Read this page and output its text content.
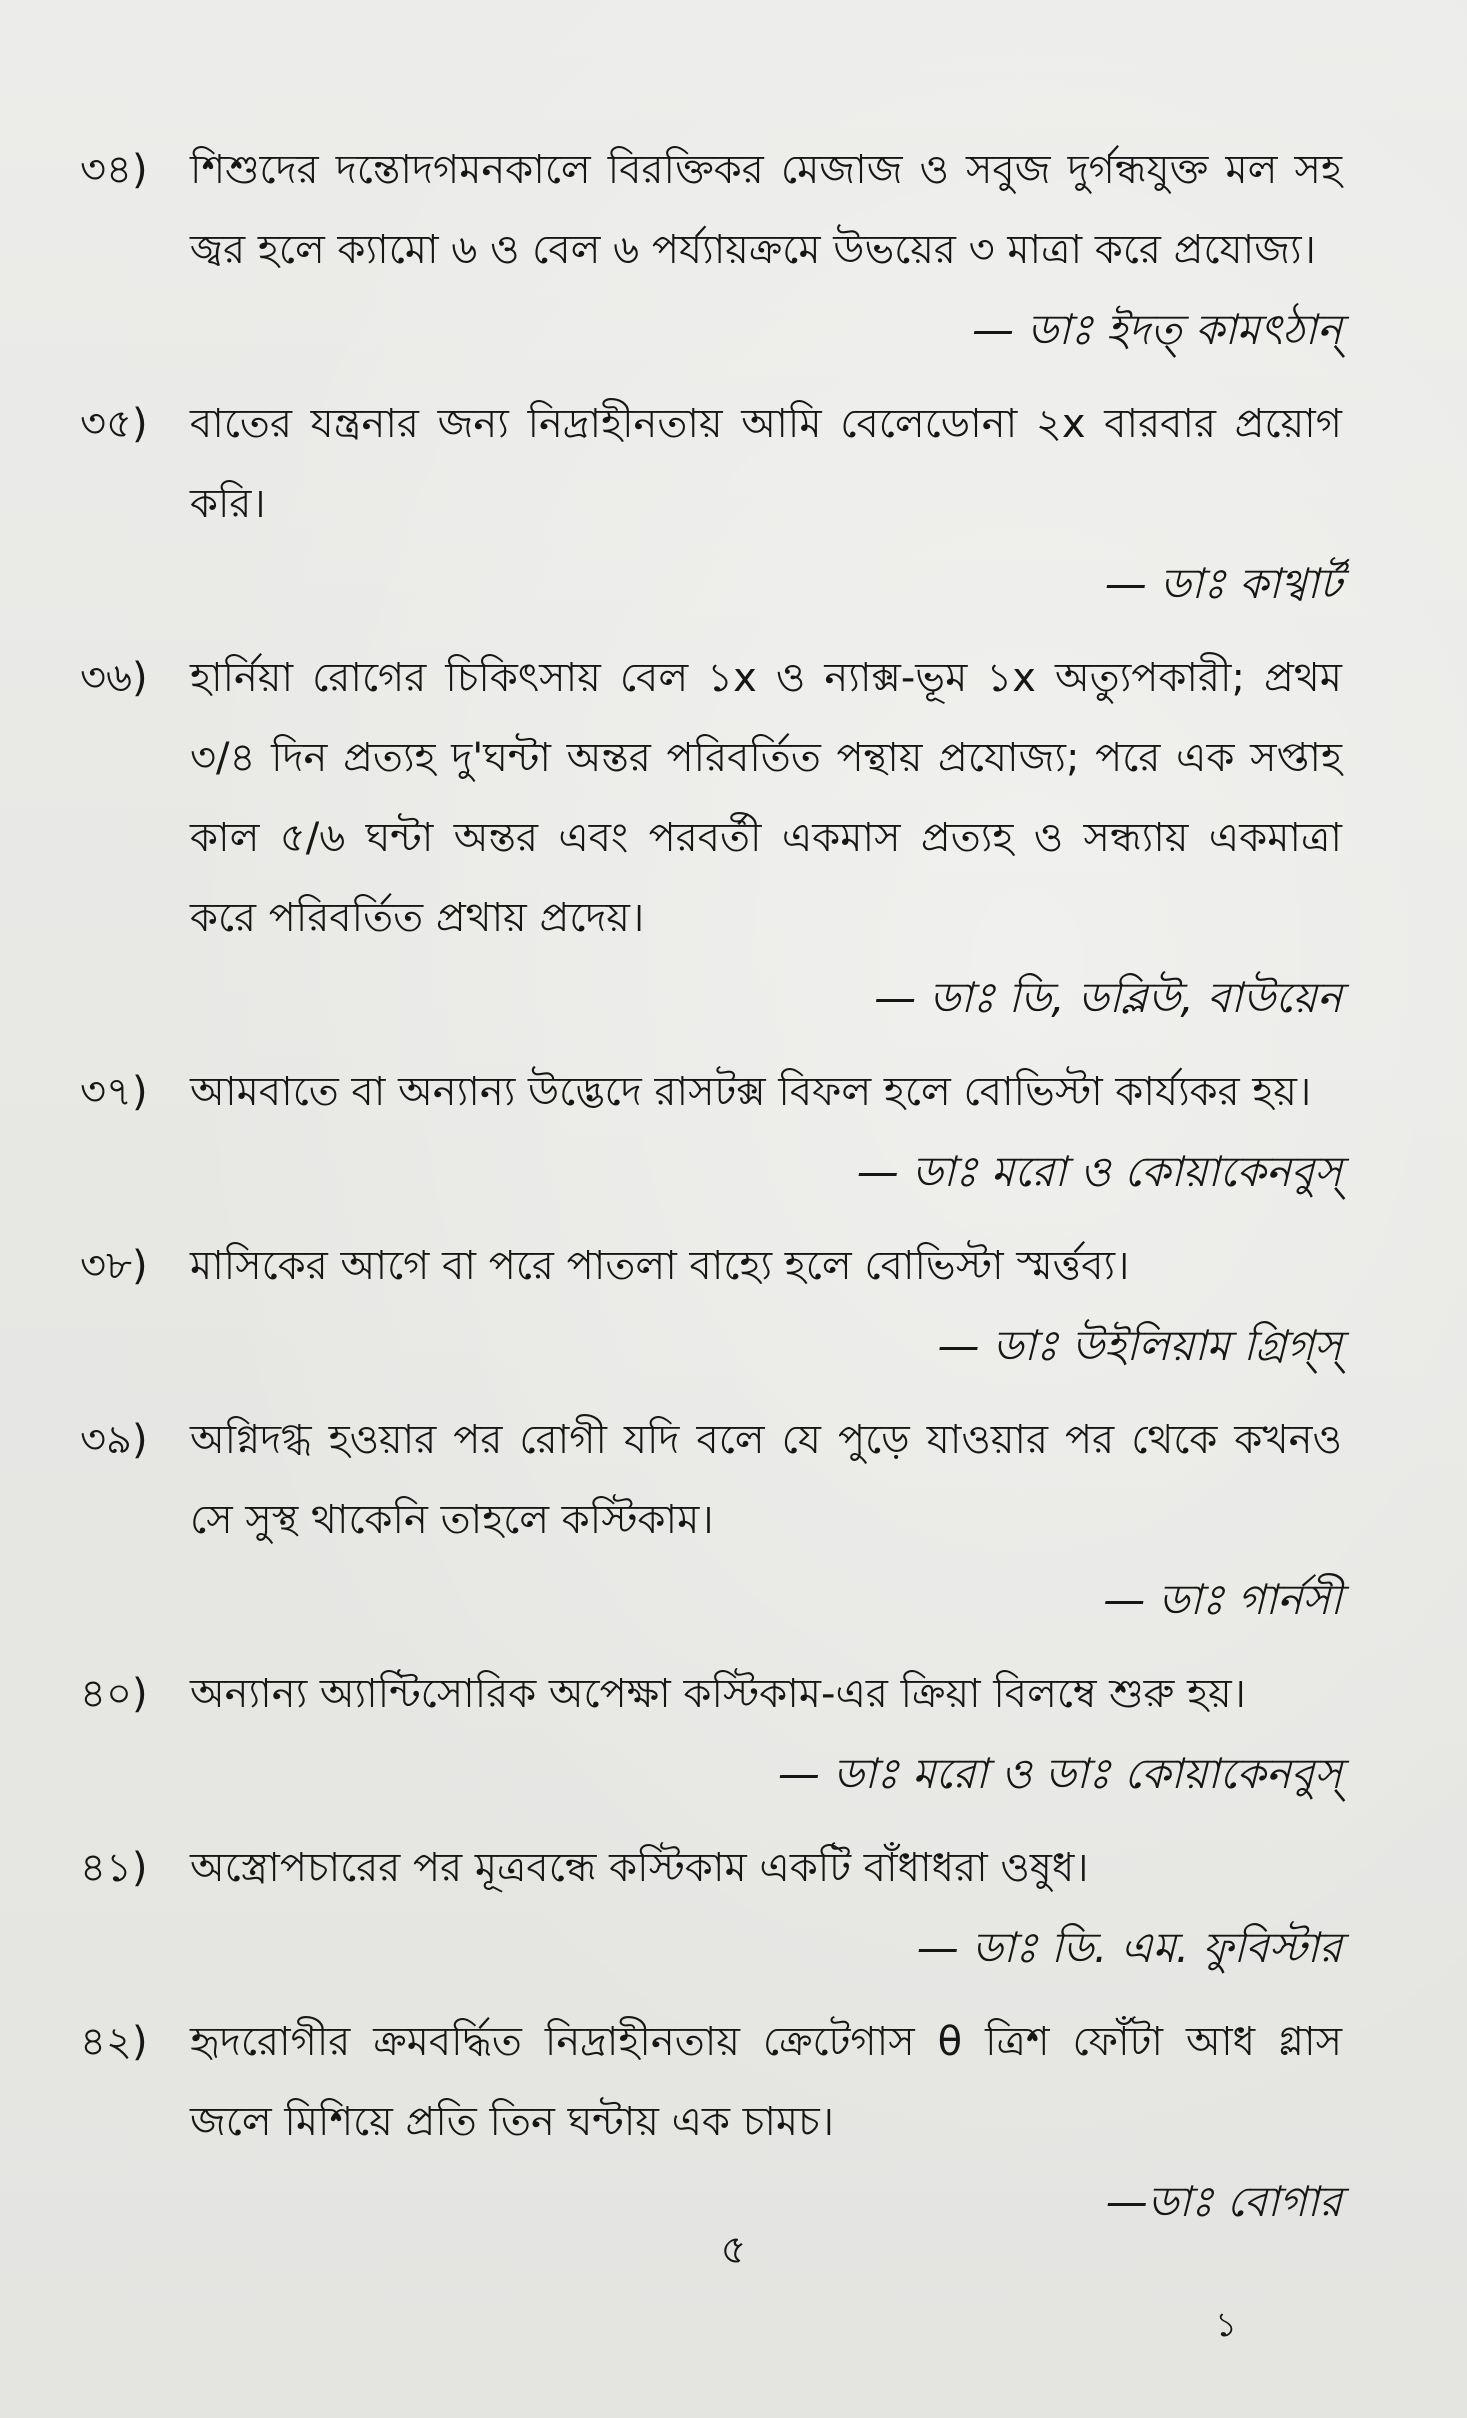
৩৪)	শিশুদের দন্তোদগমনকালে বিরক্তিকর মেজাজ ও সবুজ দুর্গন্ধযুক্ত মল সহ জ্বর হলে ক্যামো ৬ ও বেল ৬ পর্য্যায়ক্রমে উভয়ের ৩ মাত্রা করে প্রযোজ্য।
— ডাঃ ইদত্ কামৎঠান্
৩৫)	বাতের যন্ত্রনার জন্য নিদ্রাহীনতায় আমি বেলেডোনা ২x বারবার প্রয়োগ করি।
— ডাঃ কাথ্বার্ট
৩৬)	হার্নিয়া রোগের চিকিৎসায় বেল ১x ও ন্যাক্স-ভূম ১x অত্যুপকারী; প্রথম ৩/৪ দিন প্রত্যহ দু'ঘন্টা অন্তর পরিবর্তিত পন্থায় প্রযোজ্য; পরে এক সপ্তাহ কাল ৫/৬ ঘন্টা অন্তর এবং পরবর্তী একমাস প্রত্যহ ও সন্ধ্যায় একমাত্রা করে পরিবর্তিত প্রথায় প্রদেয়।
— ডাঃ ডি, ডব্লিউ, বাউয়েন
৩৭)	আমবাতে বা অন্যান্য উদ্ভেদে রাসটক্স বিফল হলে বোভিস্টা কার্য্যকর হয়।
— ডাঃ মরো ও কোয়াকেনবুস্
৩৮)	মাসিকের আগে বা পরে পাতলা বাহ্যে হলে বোভিস্টা স্মর্ত্তব্য।
— ডাঃ উইলিয়াম গ্রিগ্স্
৩৯)	অগ্নিদগ্ধ হওয়ার পর রোগী যদি বলে যে পুড়ে যাওয়ার পর থেকে কখনও সে সুস্থ থাকেনি তাহলে কস্টিকাম।
— ডাঃ গার্নসী
৪০)	অন্যান্য অ্যান্টিসোরিক অপেক্ষা কস্টিকাম-এর ক্রিয়া বিলম্বে শুরু হয়।
— ডাঃ মরো ও ডাঃ কোয়াকেনবুস্
৪১)	অস্ত্রোপচারের পর মূত্রবন্ধে কস্টিকাম একটি বাঁধাধরা ওষুধ।
— ডাঃ ডি. এম. ফুবিস্টার
৪২)	হৃদরোগীর ক্রমবর্দ্ধিত নিদ্রাহীনতায় ক্রেটেগাস θ ত্রিশ ফোঁটা আধ গ্লাস জলে মিশিয়ে প্রতি তিন ঘন্টায় এক চামচ।
—ডাঃ বোগার
৫
১
